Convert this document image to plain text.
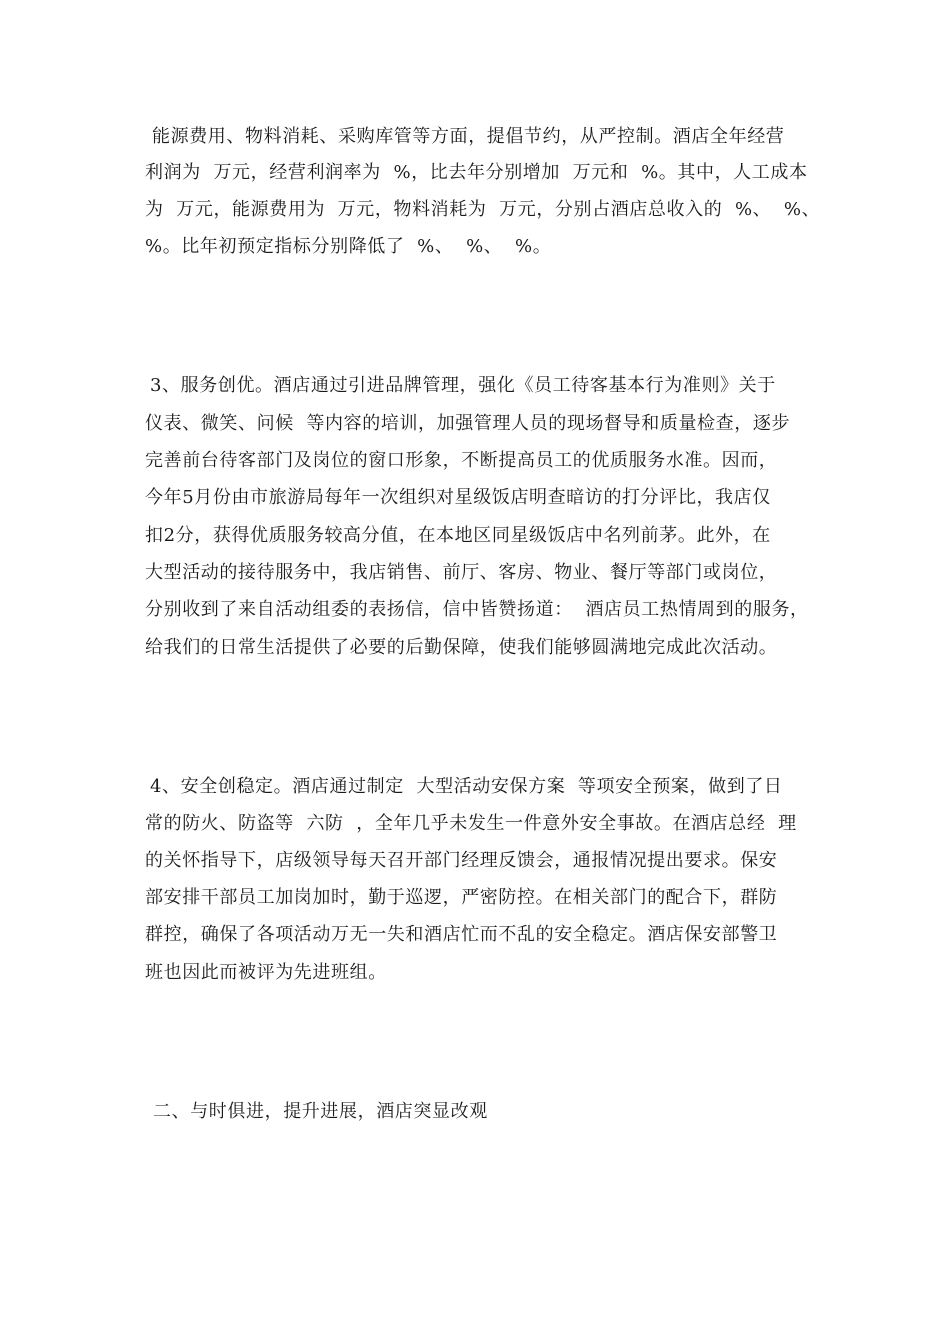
能源费用、物料消耗、采购库管等方面，提倡节约，从严控制。酒店全年经营
利润为  万元，经营利润率为  %，比去年分别增加  万元和  %。其中，人工成本
为  万元，能源费用为  万元，物料消耗为  万元，分别占酒店总收入的  %、  %、
%。比年初预定指标分别降低了  %、  %、  %。
3、服务创优。酒店通过引进品牌管理，强化《员工待客基本行为准则》关于
仪表、微笑、问候  等内容的培训，加强管理人员的现场督导和质量检查，逐步
完善前台待客部门及岗位的窗口形象，不断提高员工的优质服务水准。因而，
今年5月份由市旅游局每年一次组织对星级饭店明查暗访的打分评比，我店仅
扣2分，获得优质服务较高分值，在本地区同星级饭店中名列前茅。此外，在
大型活动的接待服务中，我店销售、前厅、客房、物业、餐厅等部门或岗位，
分别收到了来自活动组委的表扬信，信中皆赞扬道：  酒店员工热情周到的服务，
给我们的日常生活提供了必要的后勤保障，使我们能够圆满地完成此次活动。
4、安全创稳定。酒店通过制定  大型活动安保方案  等项安全预案，做到了日
常的防火、防盗等  六防  ，全年几乎未发生一件意外安全事故。在酒店总经  理
的关怀指导下，店级领导每天召开部门经理反馈会，通报情况提出要求。保安
部安排干部员工加岗加时，勤于巡逻，严密防控。在相关部门的配合下，群防
群控，确保了各项活动万无一失和酒店忙而不乱的安全稳定。酒店保安部警卫
班也因此而被评为先进班组。
二、与时俱进，提升进展，酒店突显改观
